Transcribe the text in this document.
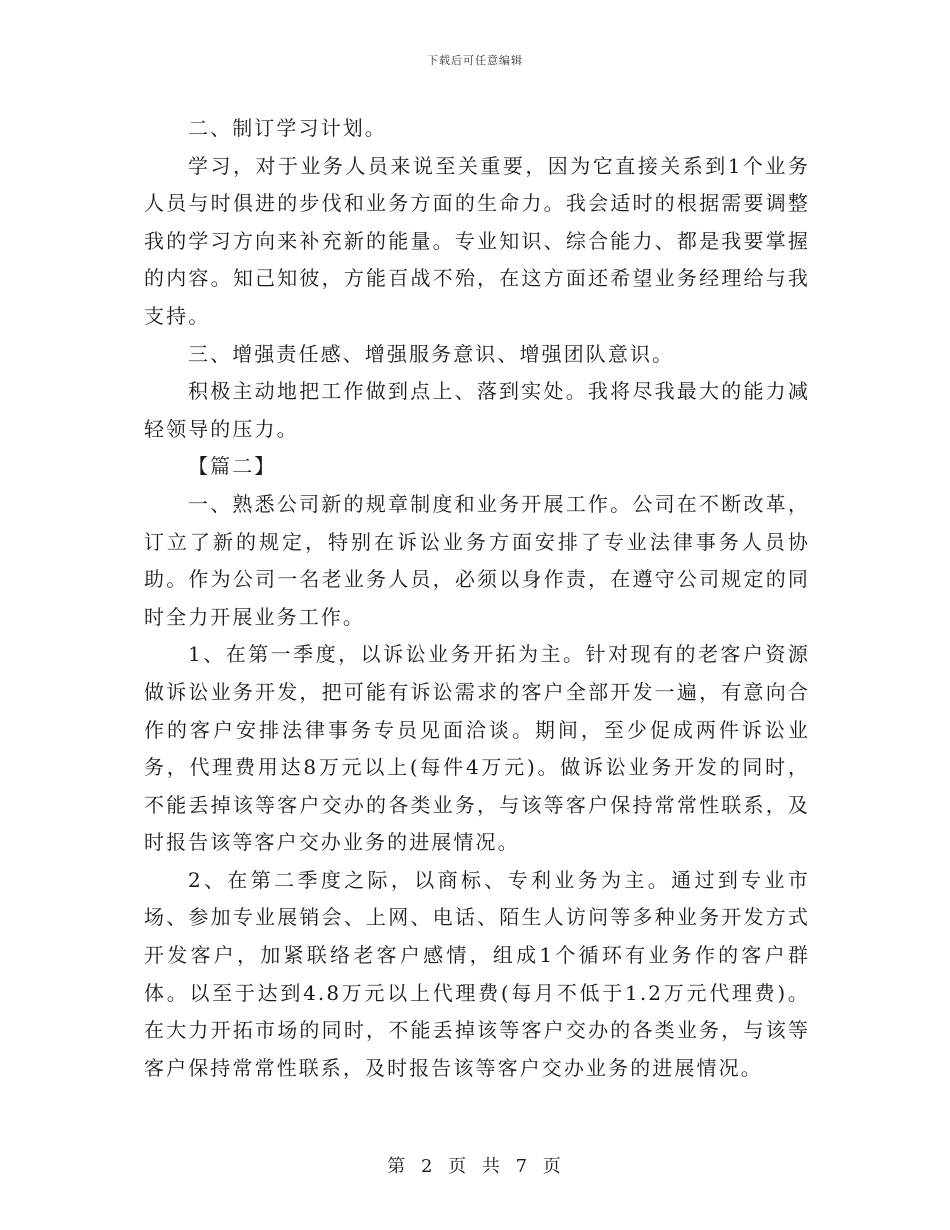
下载后可任意编辑

二、制订学习计划。

学习，对于业务人员来说至关重要，因为它直接关系到1个业务人员与时俱进的步伐和业务方面的生命力。我会适时的根据需要调整我的学习方向来补充新的能量。专业知识、综合能力、都是我要掌握的内容。知己知彼，方能百战不殆，在这方面还希望业务经理给与我支持。

三、增强责任感、增强服务意识、增强团队意识。

积极主动地把工作做到点上、落到实处。我将尽我最大的能力减轻领导的压力。

【篇二】

一、熟悉公司新的规章制度和业务开展工作。公司在不断改革，订立了新的规定，特别在诉讼业务方面安排了专业法律事务人员协助。作为公司一名老业务人员，必须以身作责，在遵守公司规定的同时全力开展业务工作。

1、在第一季度，以诉讼业务开拓为主。针对现有的老客户资源做诉讼业务开发，把可能有诉讼需求的客户全部开发一遍，有意向合作的客户安排法律事务专员见面洽谈。期间，至少促成两件诉讼业务，代理费用达8万元以上(每件4万元)。做诉讼业务开发的同时，不能丢掉该等客户交办的各类业务，与该等客户保持常常性联系，及时报告该等客户交办业务的进展情况。

2、在第二季度之际，以商标、专利业务为主。通过到专业市场、参加专业展销会、上网、电话、陌生人访问等多种业务开发方式开发客户，加紧联络老客户感情，组成1个循环有业务作的客户群体。以至于达到4.8万元以上代理费(每月不低于1.2万元代理费)。在大力开拓市场的同时，不能丢掉该等客户交办的各类业务，与该等客户保持常常性联系，及时报告该等客户交办业务的进展情况。

第 2 页 共 7 页
